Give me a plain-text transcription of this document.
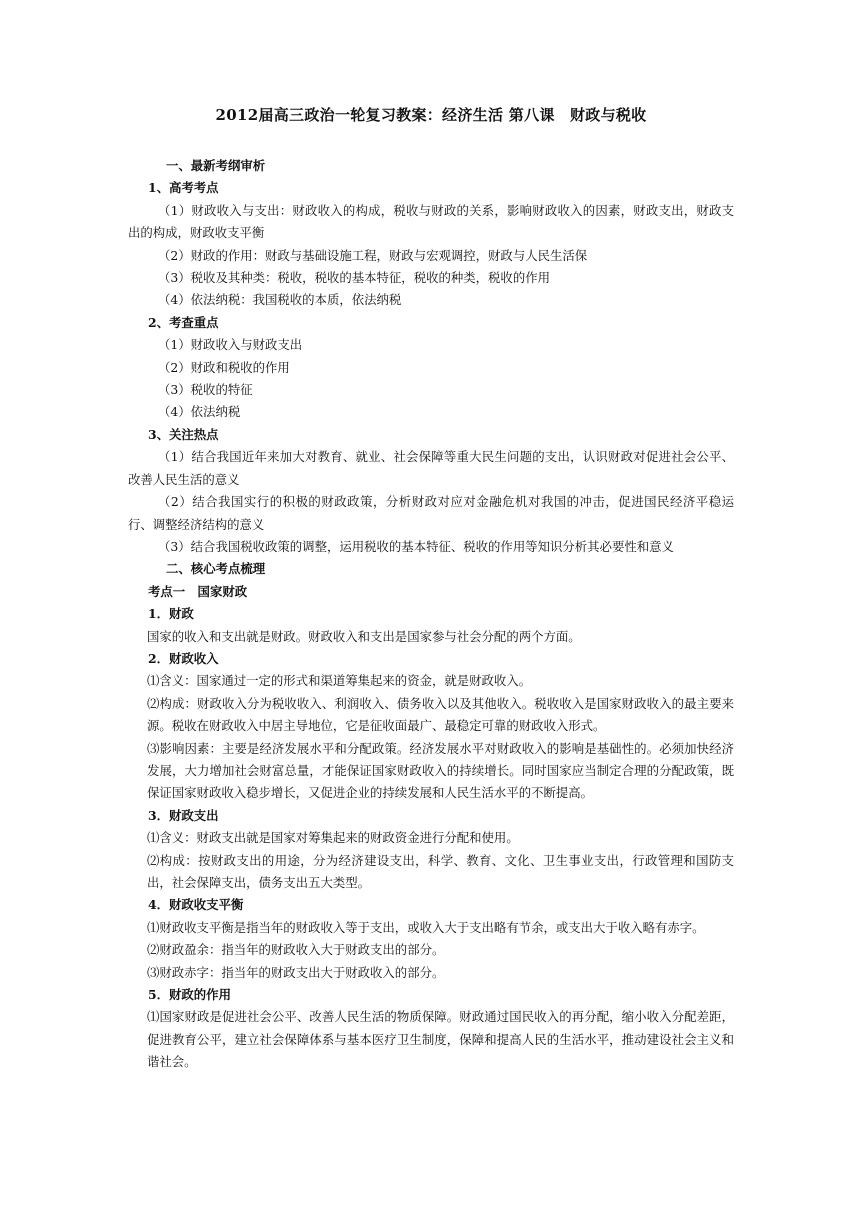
2012届高三政治一轮复习教案：经济生活 第八课　财政与税收
一、最新考纲审析
1、高考考点
（1）财政收入与支出：财政收入的构成，税收与财政的关系，影响财政收入的因素，财政支出，财政支出的构成，财政收支平衡
（2）财政的作用：财政与基础设施工程，财政与宏观调控，财政与人民生活保
（3）税收及其种类：税收，税收的基本特征，税收的种类，税收的作用
（4）依法纳税：我国税收的本质，依法纳税
2、考查重点
（1）财政收入与财政支出
（2）财政和税收的作用
（3）税收的特征
（4）依法纳税
3、关注热点
（1）结合我国近年来加大对教育、就业、社会保障等重大民生问题的支出，认识财政对促进社会公平、改善人民生活的意义
（2）结合我国实行的积极的财政政策，分析财政对应对金融危机对我国的冲击，促进国民经济平稳运行、调整经济结构的意义
（3）结合我国税收政策的调整，运用税收的基本特征、税收的作用等知识分析其必要性和意义
二、核心考点梳理
考点一　国家财政
1．财政
国家的收入和支出就是财政。财政收入和支出是国家参与社会分配的两个方面。
2．财政收入
⑴含义：国家通过一定的形式和渠道筹集起来的资金，就是财政收入。
⑵构成：财政收入分为税收收入、利润收入、债务收入以及其他收入。税收收入是国家财政收入的最主要来源。税收在财政收入中居主导地位，它是征收面最广、最稳定可靠的财政收入形式。
⑶影响因素：主要是经济发展水平和分配政策。经济发展水平对财政收入的影响是基础性的。必须加快经济发展，大力增加社会财富总量，才能保证国家财政收入的持续增长。同时国家应当制定合理的分配政策，既保证国家财政收入稳步增长，又促进企业的持续发展和人民生活水平的不断提高。
3．财政支出
⑴含义：财政支出就是国家对筹集起来的财政资金进行分配和使用。
⑵构成：按财政支出的用途，分为经济建设支出，科学、教育、文化、卫生事业支出，行政管理和国防支出，社会保障支出，债务支出五大类型。
4．财政收支平衡
⑴财政收支平衡是指当年的财政收入等于支出，或收入大于支出略有节余，或支出大于收入略有赤字。
⑵财政盈余：指当年的财政收入大于财政支出的部分。
⑶财政赤字：指当年的财政支出大于财政收入的部分。
5．财政的作用
⑴国家财政是促进社会公平、改善人民生活的物质保障。财政通过国民收入的再分配，缩小收入分配差距，促进教育公平，建立社会保障体系与基本医疗卫生制度，保障和提高人民的生活水平，推动建设社会主义和谐社会。
